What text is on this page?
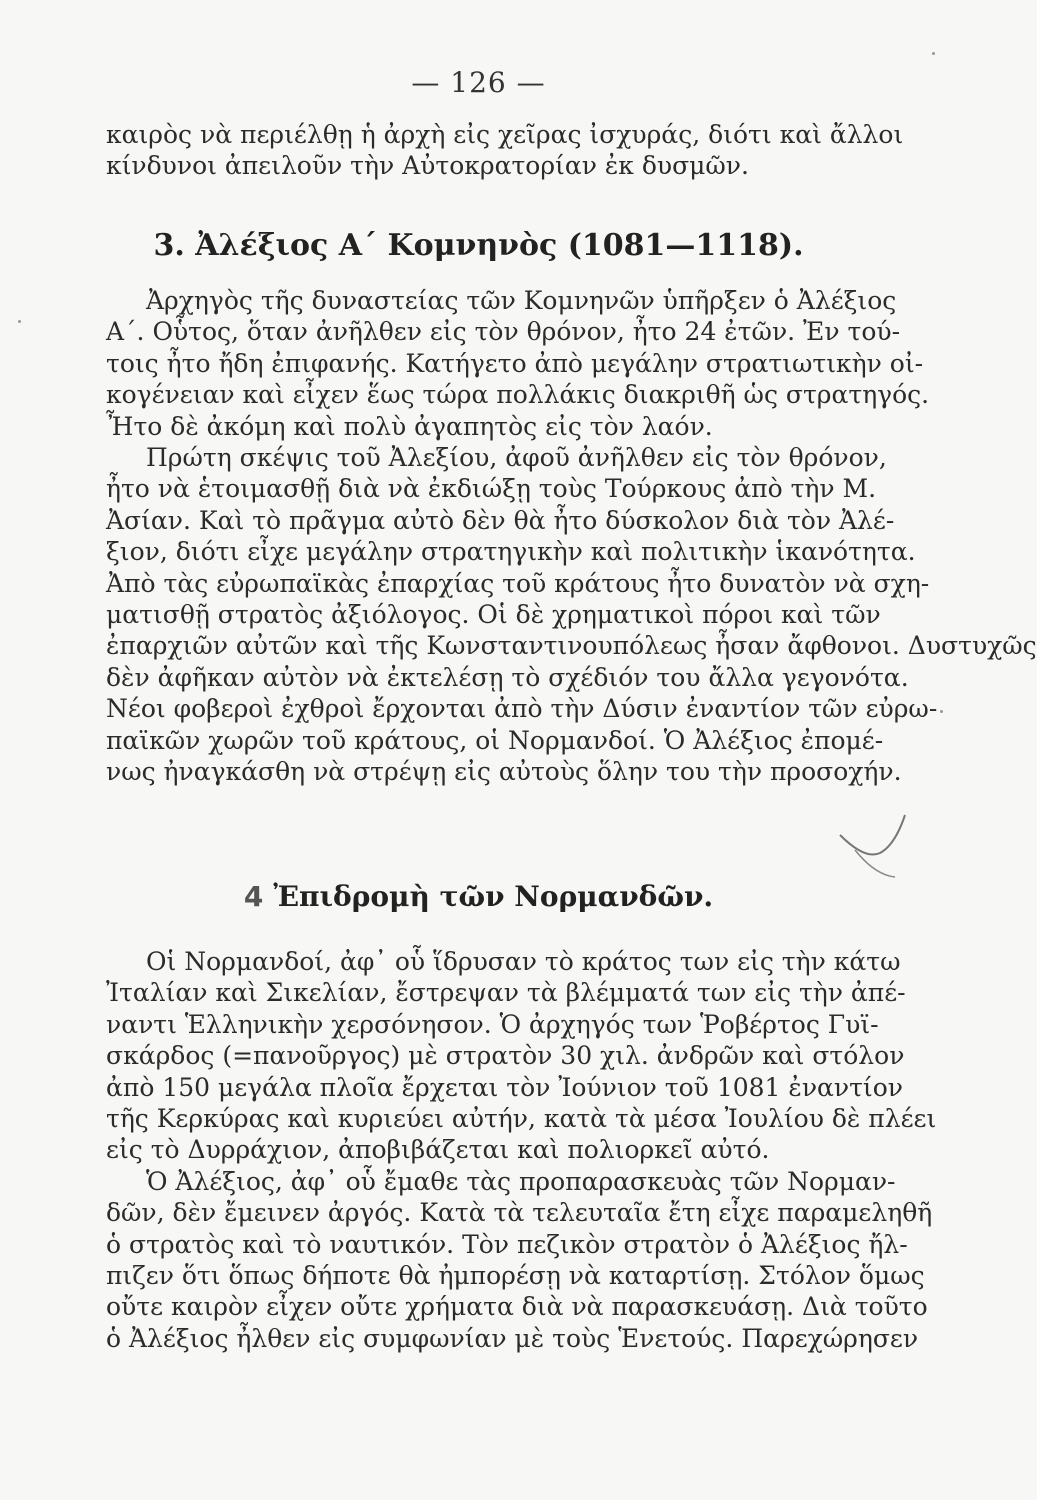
— 126 —
καιρὸς νὰ περιέλθῃ ἡ ἀρχὴ εἰς χεῖρας ἰσχυράς, διότι καὶ ἄλλοι
κίνδυνοι ἀπειλοῦν τὴν Αὐτοκρατορίαν ἐκ δυσμῶν.
3. Ἀλέξιος Α΄ Κομνηνὸς (1081—1118).
Ἀρχηγὸς τῆς δυναστείας τῶν Κομνηνῶν ὑπῆρξεν ὁ Ἀλέξιος
Α΄. Οὗτος, ὅταν ἀνῆλθεν εἰς τὸν θρόνον, ἦτο 24 ἐτῶν. Ἐν τού-
τοις ἦτο ἤδη ἐπιφανής. Κατήγετο ἀπὸ μεγάλην στρατιωτικὴν οἰ-
κογένειαν καὶ εἶχεν ἕως τώρα πολλάκις διακριθῆ ὡς στρατηγός.
Ἦτο δὲ ἀκόμη καὶ πολὺ ἀγαπητὸς εἰς τὸν λαόν.
Πρώτη σκέψις τοῦ Ἀλεξίου, ἀφοῦ ἀνῆλθεν εἰς τὸν θρόνον,
ἦτο νὰ ἑτοιμασθῇ διὰ νὰ ἐκδιώξῃ τοὺς Τούρκους ἀπὸ τὴν Μ.
Ἀσίαν. Καὶ τὸ πρᾶγμα αὐτὸ δὲν θὰ ἦτο δύσκολον διὰ τὸν Ἀλέ-
ξιον, διότι εἶχε μεγάλην στρατηγικὴν καὶ πολιτικὴν ἱκανότητα.
Ἀπὸ τὰς εὐρωπαϊκὰς ἐπαρχίας τοῦ κράτους ἦτο δυνατὸν νὰ σχη-
ματισθῇ στρατὸς ἀξιόλογος. Οἱ δὲ χρηματικοὶ πόροι καὶ τῶν
ἐπαρχιῶν αὐτῶν καὶ τῆς Κωνσταντινουπόλεως ἦσαν ἄφθονοι. Δυστυχῶς
δὲν ἀφῆκαν αὐτὸν νὰ ἐκτελέσῃ τὸ σχέδιόν του ἄλλα γεγονότα.
Νέοι φοβεροὶ ἐχθροὶ ἔρχονται ἀπὸ τὴν Δύσιν ἐναντίον τῶν εὐρω-
παϊκῶν χωρῶν τοῦ κράτους, οἱ Νορμανδοί. Ὁ Ἀλέξιος ἐπομέ-
νως ἠναγκάσθη νὰ στρέψῃ εἰς αὐτοὺς ὅλην του τὴν προσοχήν.
4 Ἐπιδρομὴ τῶν Νορμανδῶν.
Οἱ Νορμανδοί, ἀφ᾽ οὗ ἵδρυσαν τὸ κράτος των εἰς τὴν κάτω
Ἰταλίαν καὶ Σικελίαν, ἔστρεψαν τὰ βλέμματά των εἰς τὴν ἀπέ-
ναντι Ἑλληνικὴν χερσόνησον. Ὁ ἀρχηγός των Ῥοβέρτος Γυϊ-
σκάρδος (=πανοῦργος) μὲ στρατὸν 30 χιλ. ἀνδρῶν καὶ στόλον
ἀπὸ 150 μεγάλα πλοῖα ἔρχεται τὸν Ἰούνιον τοῦ 1081 ἐναντίον
τῆς Κερκύρας καὶ κυριεύει αὐτήν, κατὰ τὰ μέσα Ἰουλίου δὲ πλέει
εἰς τὸ Δυρράχιον, ἀποβιβάζεται καὶ πολιορκεῖ αὐτό.
Ὁ Ἀλέξιος, ἀφ᾽ οὗ ἔμαθε τὰς προπαρασκευὰς τῶν Νορμαν-
δῶν, δὲν ἔμεινεν ἀργός. Κατὰ τὰ τελευταῖα ἔτη εἶχε παραμεληθῆ
ὁ στρατὸς καὶ τὸ ναυτικόν. Τὸν πεζικὸν στρατὸν ὁ Ἀλέξιος ἤλ-
πιζεν ὅτι ὅπως δήποτε θὰ ἠμπορέσῃ νὰ καταρτίσῃ. Στόλον ὅμως
οὔτε καιρὸν εἶχεν οὔτε χρήματα διὰ νὰ παρασκευάσῃ. Διὰ τοῦτο
ὁ Ἀλέξιος ἦλθεν εἰς συμφωνίαν μὲ τοὺς Ἑνετούς. Παρεχώρησεν
